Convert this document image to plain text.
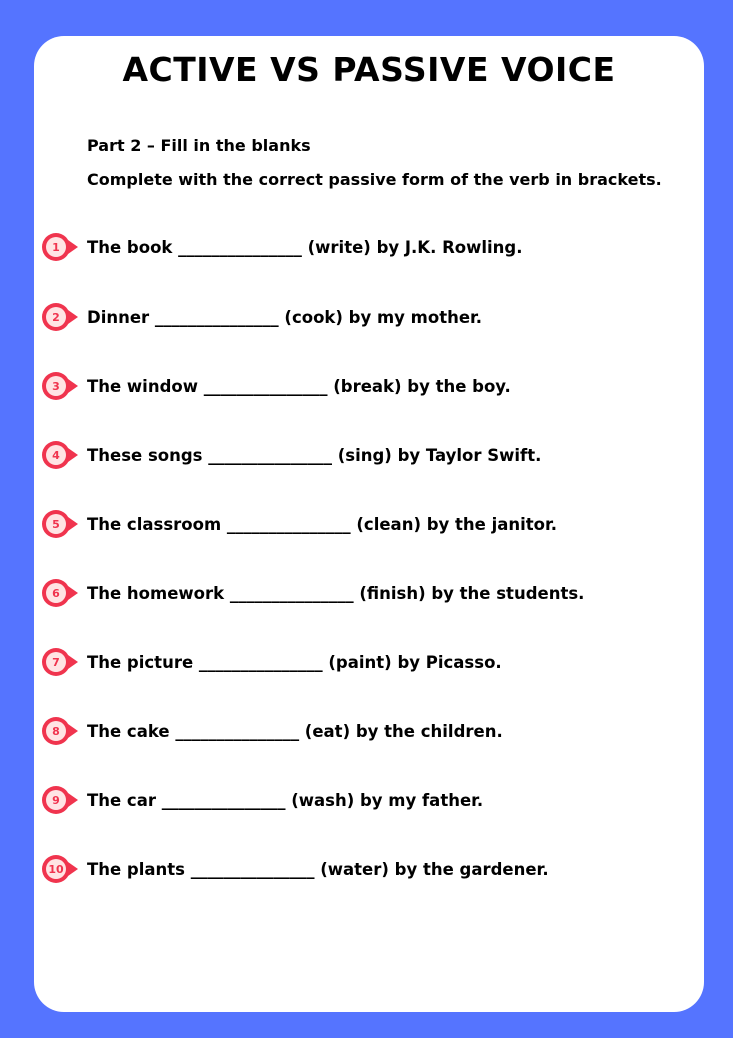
ACTIVE VS PASSIVE VOICE

Part 2 – Fill in the blanks

Complete with the correct passive form of the verb in brackets.

1	The book _______________ (write) by J.K. Rowling.
2	Dinner _______________ (cook) by my mother.
3	The window _______________ (break) by the boy.
4	These songs _______________ (sing) by Taylor Swift.
5	The classroom _______________ (clean) by the janitor.
6	The homework _______________ (finish) by the students.
7	The picture _______________ (paint) by Picasso.
8	The cake _______________ (eat) by the children.
9	The car _______________ (wash) by my father.
10 The plants _______________ (water) by the gardener.
